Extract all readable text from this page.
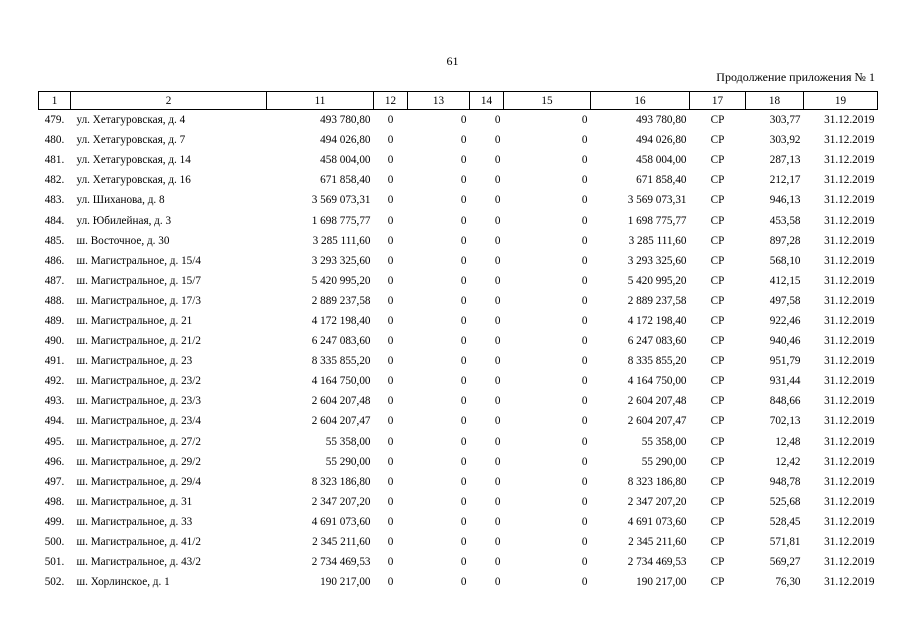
61
Продолжение приложения № 1
1	2	11	12	13	14	15	16	17	18	19
479.	ул. Хетагуровская, д. 4	493 780,80	0	0	0	0	493 780,80	СР	303,77	31.12.2019
480.	ул. Хетагуровская, д. 7	494 026,80	0	0	0	0	494 026,80	СР	303,92	31.12.2019
481.	ул. Хетагуровская, д. 14	458 004,00	0	0	0	0	458 004,00	СР	287,13	31.12.2019
482.	ул. Хетагуровская, д. 16	671 858,40	0	0	0	0	671 858,40	СР	212,17	31.12.2019
483.	ул. Шиханова, д. 8	3 569 073,31	0	0	0	0	3 569 073,31	СР	946,13	31.12.2019
484.	ул. Юбилейная, д. 3	1 698 775,77	0	0	0	0	1 698 775,77	СР	453,58	31.12.2019
485.	ш. Восточное, д. 30	3 285 111,60	0	0	0	0	3 285 111,60	СР	897,28	31.12.2019
486.	ш. Магистральное, д. 15/4	3 293 325,60	0	0	0	0	3 293 325,60	СР	568,10	31.12.2019
487.	ш. Магистральное, д. 15/7	5 420 995,20	0	0	0	0	5 420 995,20	СР	412,15	31.12.2019
488.	ш. Магистральное, д. 17/3	2 889 237,58	0	0	0	0	2 889 237,58	СР	497,58	31.12.2019
489.	ш. Магистральное, д. 21	4 172 198,40	0	0	0	0	4 172 198,40	СР	922,46	31.12.2019
490.	ш. Магистральное, д. 21/2	6 247 083,60	0	0	0	0	6 247 083,60	СР	940,46	31.12.2019
491.	ш. Магистральное, д. 23	8 335 855,20	0	0	0	0	8 335 855,20	СР	951,79	31.12.2019
492.	ш. Магистральное, д. 23/2	4 164 750,00	0	0	0	0	4 164 750,00	СР	931,44	31.12.2019
493.	ш. Магистральное, д. 23/3	2 604 207,48	0	0	0	0	2 604 207,48	СР	848,66	31.12.2019
494.	ш. Магистральное, д. 23/4	2 604 207,47	0	0	0	0	2 604 207,47	СР	702,13	31.12.2019
495.	ш. Магистральное, д. 27/2	55 358,00	0	0	0	0	55 358,00	СР	12,48	31.12.2019
496.	ш. Магистральное, д. 29/2	55 290,00	0	0	0	0	55 290,00	СР	12,42	31.12.2019
497.	ш. Магистральное, д. 29/4	8 323 186,80	0	0	0	0	8 323 186,80	СР	948,78	31.12.2019
498.	ш. Магистральное, д. 31	2 347 207,20	0	0	0	0	2 347 207,20	СР	525,68	31.12.2019
499.	ш. Магистральное, д. 33	4 691 073,60	0	0	0	0	4 691 073,60	СР	528,45	31.12.2019
500.	ш. Магистральное, д. 41/2	2 345 211,60	0	0	0	0	2 345 211,60	СР	571,81	31.12.2019
501.	ш. Магистральное, д. 43/2	2 734 469,53	0	0	0	0	2 734 469,53	СР	569,27	31.12.2019
502.	ш. Хорлинское, д. 1	190 217,00	0	0	0	0	190 217,00	СР	76,30	31.12.2019
